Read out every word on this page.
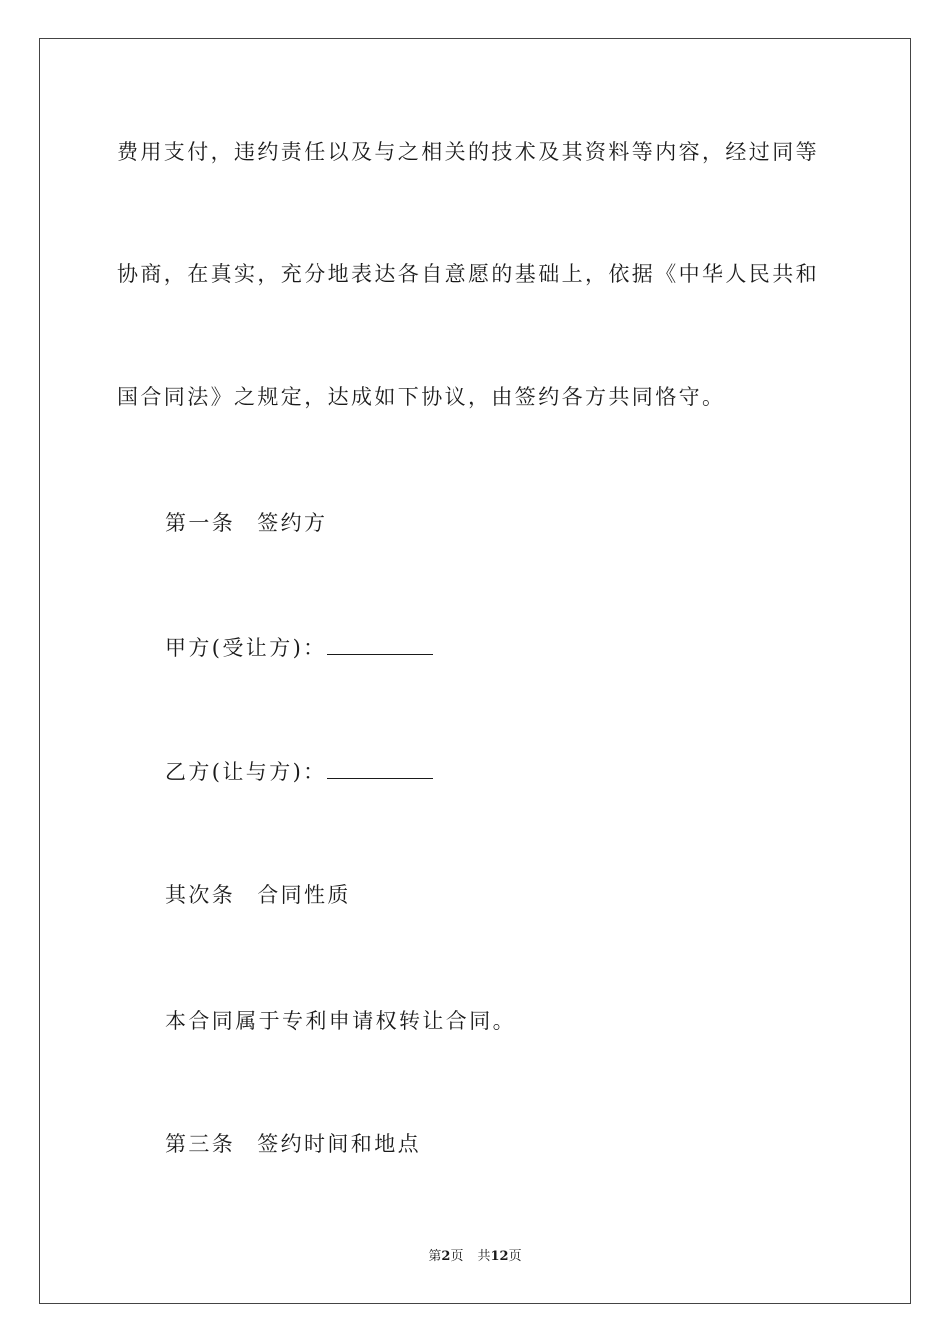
费用支付，违约责任以及与之相关的技术及其资料等内容，经过同等
协商，在真实，充分地表达各自意愿的基础上，依据《中华人民共和
国合同法》之规定，达成如下协议，由签约各方共同恪守。
第一条 签约方
甲方(受让方)：
乙方(让与方)：
其次条 合同性质
本合同属于专利申请权转让合同。
第三条 签约时间和地点
第2页 共12页
